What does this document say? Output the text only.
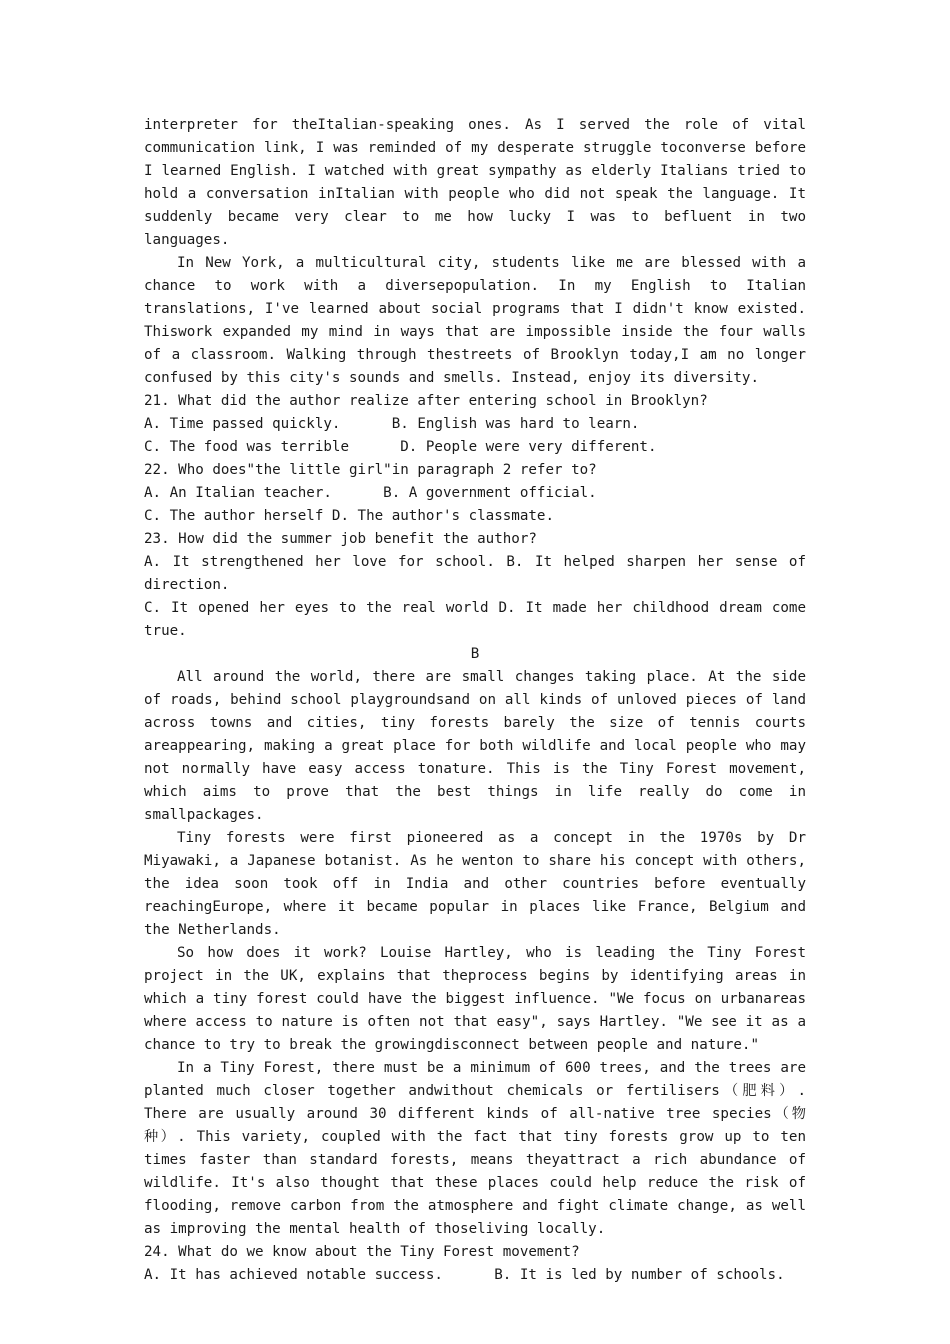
interpreter for theItalian-speaking ones. As I served the role of vital communication link, I was reminded of my desperate struggle toconverse before I learned English. I watched with great sympathy as elderly Italians tried to hold a conversation inItalian with people who did not speak the language. It suddenly became very clear to me how lucky I was to befluent in two languages.

In New York, a multicultural city, students like me are blessed with a chance to work with a diversepopulation. In my English to Italian translations, I've learned about social programs that I didn't know existed. Thiswork expanded my mind in ways that are impossible inside the four walls of a classroom. Walking through thestreets of Brooklyn today,I am no longer confused by this city's sounds and smells. Instead, enjoy its diversity.

21. What did the author realize after entering school in Brooklyn?

A. Time passed quickly.      B. English was hard to learn.

C. The food was terrible      D. People were very different.

22. Who does"the little girl"in paragraph 2 refer to?

A. An Italian teacher.      B. A government official.

C. The author herself D. The author's classmate.

23. How did the summer job benefit the author?

A. It strengthened her love for school. B. It helped sharpen her sense of direction.

C. It opened her eyes to the real world D. It made her childhood dream come true.

B

All around the world, there are small changes taking place. At the side of roads, behind school playgroundsand on all kinds of unloved pieces of land across towns and cities, tiny forests barely the size of tennis courts areappearing, making a great place for both wildlife and local people who may not normally have easy access tonature. This is the Tiny Forest movement, which aims to prove that the best things in life really do come in smallpackages.

Tiny forests were first pioneered as a concept in the 1970s by Dr Miyawaki, a Japanese botanist. As he wenton to share his concept with others, the idea soon took off in India and other countries before eventually reachingEurope, where it became popular in places like France, Belgium and the Netherlands.

So how does it work? Louise Hartley, who is leading the Tiny Forest project in the UK, explains that theprocess begins by identifying areas in which a tiny forest could have the biggest influence. "We focus on urbanareas where access to nature is often not that easy", says Hartley. "We see it as a chance to try to break the growingdisconnect between people and nature."

In a Tiny Forest, there must be a minimum of 600 trees, and the trees are planted much closer together andwithout chemicals or fertilisers（肥料）. There are usually around 30 different kinds of all-native tree species（物种）. This variety, coupled with the fact that tiny forests grow up to ten times faster than standard forests, means theyattract a rich abundance of wildlife. It's also thought that these places could help reduce the risk of flooding, remove carbon from the atmosphere and fight climate change, as well as improving the mental health of thoseliving locally.

24. What do we know about the Tiny Forest movement?

A. It has achieved notable success.      B. It is led by number of schools.
